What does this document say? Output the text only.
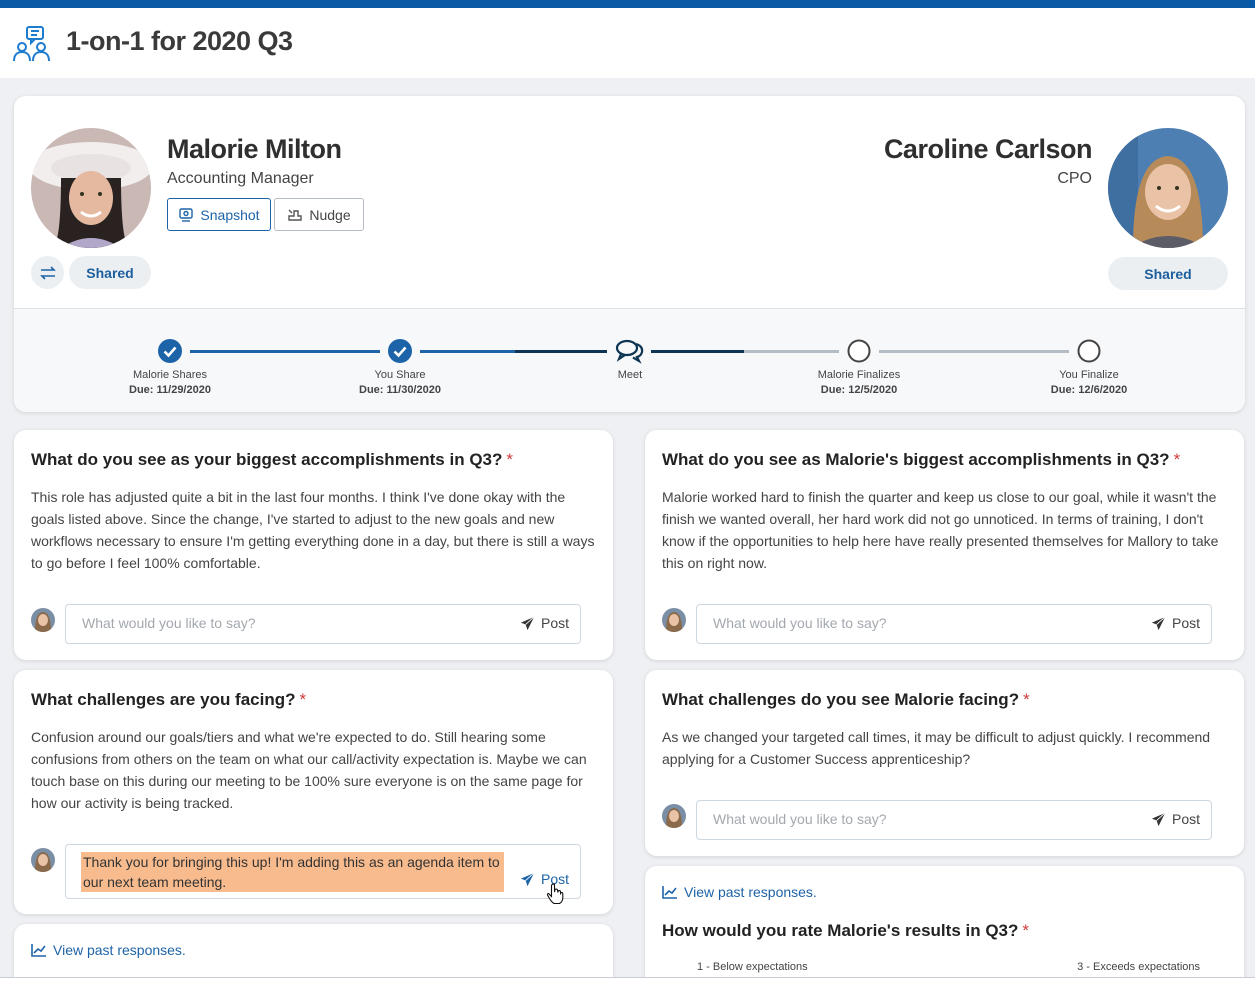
1-on-1 for 2020 Q3
Malorie Milton
Accounting Manager
Snapshot	Nudge
Shared
Caroline Carlson
CPO
Shared
Malorie Shares
Due: 11/29/2020
You Share
Due: 11/30/2020
Meet	Malorie Finalizes
Due: 12/5/2020
You Finalize
Due: 12/6/2020
What do you see as your biggest accomplishments in Q3? *
This role has adjusted quite a bit in the last four months. I think I've done okay with the goals listed above. Since the change, I've started to adjust to the new goals and new workflows necessary to ensure I'm getting everything done in a day, but there is still a ways to go before I feel 100% comfortable.
What would you like to say?	Post
What do you see as Malorie's biggest accomplishments in Q3? *
Malorie worked hard to finish the quarter and keep us close to our goal, while it wasn't the finish we wanted overall, her hard work did not go unnoticed. In terms of training, I don't know if the opportunities to help here have really presented themselves for Mallory to take this on right now.
What would you like to say?	Post
What challenges are you facing? *
Confusion around our goals/tiers and what we're expected to do. Still hearing some confusions from others on the team on what our call/activity expectation is. Maybe we can touch base on this during our meeting to be 100% sure everyone is on the same page for how our activity is being tracked.
Thank you for bringing this up! I'm adding this as an agenda item to our next team meeting.	Post
What challenges do you see Malorie facing? *
As we changed your targeted call times, it may be difficult to adjust quickly. I recommend applying for a Customer Success apprenticeship?
What would you like to say?	Post
View past responses.
View past responses.
How would you rate Malorie's results in Q3? *
1 - Below expectations	3 - Exceeds expectations
